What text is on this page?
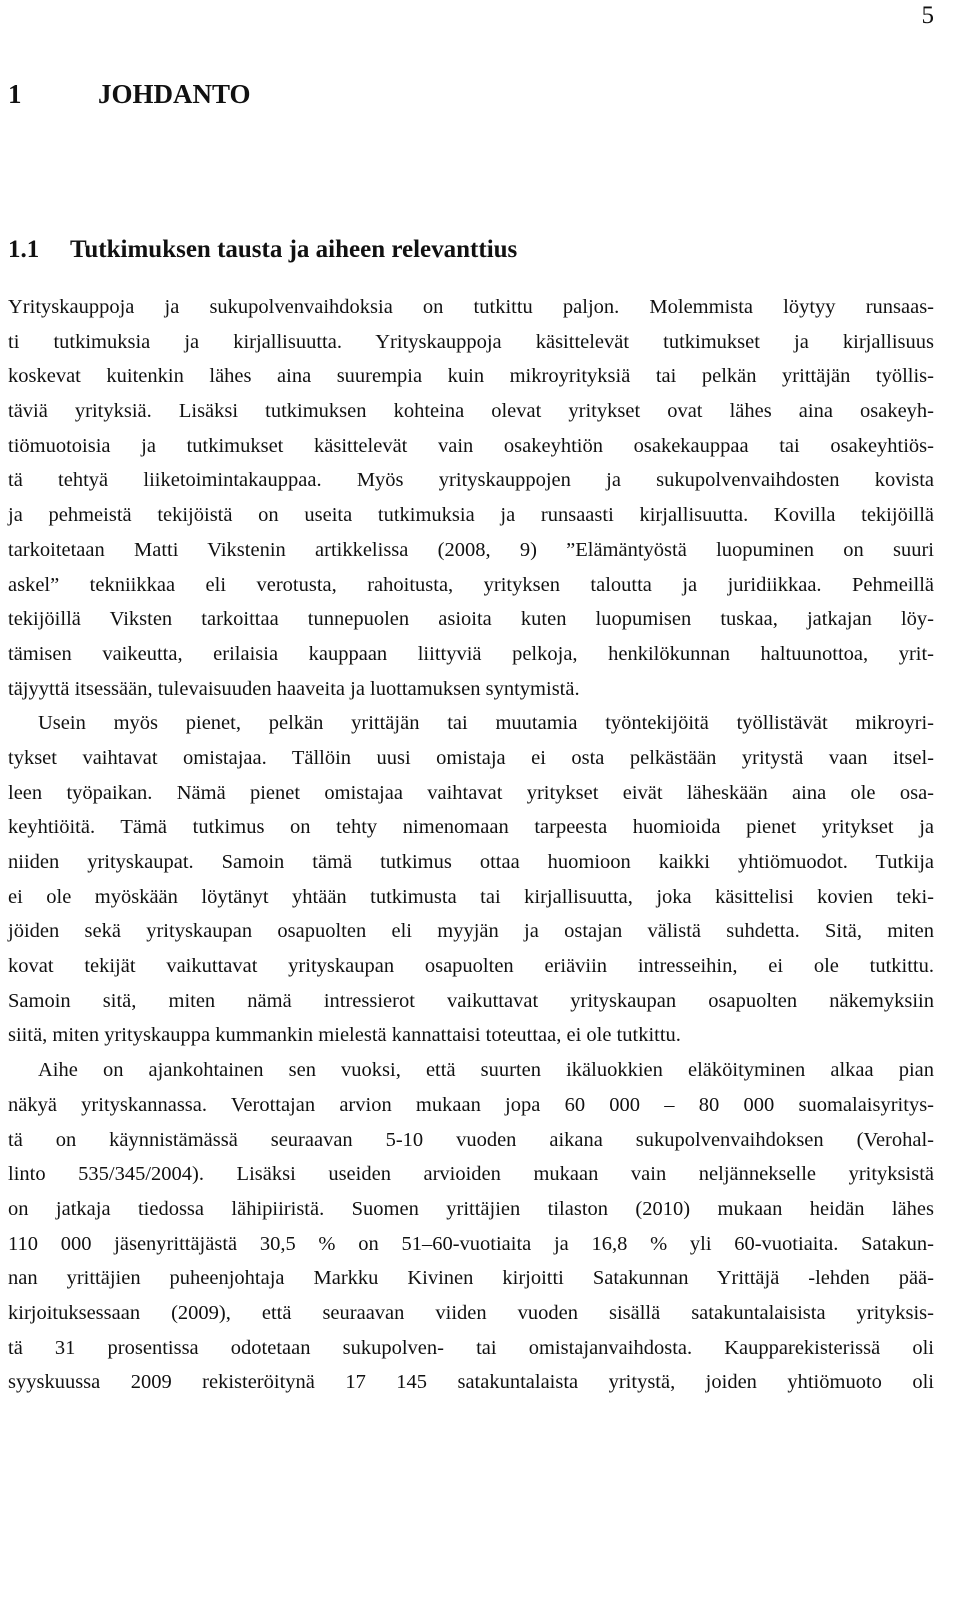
5
1	JOHDANTO
1.1	Tutkimuksen tausta ja aiheen relevanttius
Yrityskauppoja ja sukupolvenvaihdoksia on tutkittu paljon. Molemmista löytyy runsaas-
ti tutkimuksia ja kirjallisuutta. Yrityskauppoja käsittelevät tutkimukset ja kirjallisuus
koskevat kuitenkin lähes aina suurempia kuin mikroyrityksiä tai pelkän yrittäjän työllis-
täviä yrityksiä. Lisäksi tutkimuksen kohteina olevat yritykset ovat lähes aina osakeyh-
tiömuotoisia ja tutkimukset käsittelevät vain osakeyhtiön osakekauppaa tai osakeyhtiös-
tä tehtyä liiketoimintakauppaa. Myös yrityskauppojen ja sukupolvenvaihdosten kovista
ja pehmeistä tekijöistä on useita tutkimuksia ja runsaasti kirjallisuutta. Kovilla tekijöillä
tarkoitetaan Matti Vikstenin artikkelissa (2008, 9) ”Elämäntyöstä luopuminen on suuri
askel” tekniikkaa eli verotusta, rahoitusta, yrityksen taloutta ja juridiikkaa. Pehmeillä
tekijöillä Viksten tarkoittaa tunnepuolen asioita kuten luopumisen tuskaa, jatkajan löy-
tämisen vaikeutta, erilaisia kauppaan liittyviä pelkoja, henkilökunnan haltuunottoa, yrit-
täjyyttä itsessään, tulevaisuuden haaveita ja luottamuksen syntymistä.
Usein myös pienet, pelkän yrittäjän tai muutamia työntekijöitä työllistävät mikroyri-
tykset vaihtavat omistajaa. Tällöin uusi omistaja ei osta pelkästään yritystä vaan itsel-
leen työpaikan. Nämä pienet omistajaa vaihtavat yritykset eivät läheskään aina ole osa-
keyhtiöitä. Tämä tutkimus on tehty nimenomaan tarpeesta huomioida pienet yritykset ja
niiden yrityskaupat. Samoin tämä tutkimus ottaa huomioon kaikki yhtiömuodot. Tutkija
ei ole myöskään löytänyt yhtään tutkimusta tai kirjallisuutta, joka käsittelisi kovien teki-
jöiden sekä yrityskaupan osapuolten eli myyjän ja ostajan välistä suhdetta. Sitä, miten
kovat tekijät vaikuttavat yrityskaupan osapuolten eriäviin intresseihin, ei ole tutkittu.
Samoin sitä, miten nämä intressierot vaikuttavat yrityskaupan osapuolten näkemyksiin
siitä, miten yrityskauppa kummankin mielestä kannattaisi toteuttaa, ei ole tutkittu.
Aihe on ajankohtainen sen vuoksi, että suurten ikäluokkien eläköityminen alkaa pian
näkyä yrityskannassa. Verottajan arvion mukaan jopa 60 000 – 80 000 suomalaisyritys-
tä on käynnistämässä seuraavan 5-10 vuoden aikana sukupolvenvaihdoksen (Verohal-
linto 535/345/2004). Lisäksi useiden arvioiden mukaan vain neljännekselle yrityksistä
on jatkaja tiedossa lähipiiristä. Suomen yrittäjien tilaston (2010) mukaan heidän lähes
110 000 jäsenyrittäjästä 30,5 % on 51–60-vuotiaita ja 16,8 % yli 60-vuotiaita. Satakun-
nan yrittäjien puheenjohtaja Markku Kivinen kirjoitti Satakunnan Yrittäjä -lehden pää-
kirjoituksessaan (2009), että seuraavan viiden vuoden sisällä satakuntalaisista yrityksis-
tä 31 prosentissa odotetaan sukupolven- tai omistajanvaihdosta. Kaupparekisterissä oli
syyskuussa 2009 rekisteröitynä 17 145 satakuntalaista yritystä, joiden yhtiömuoto oli
